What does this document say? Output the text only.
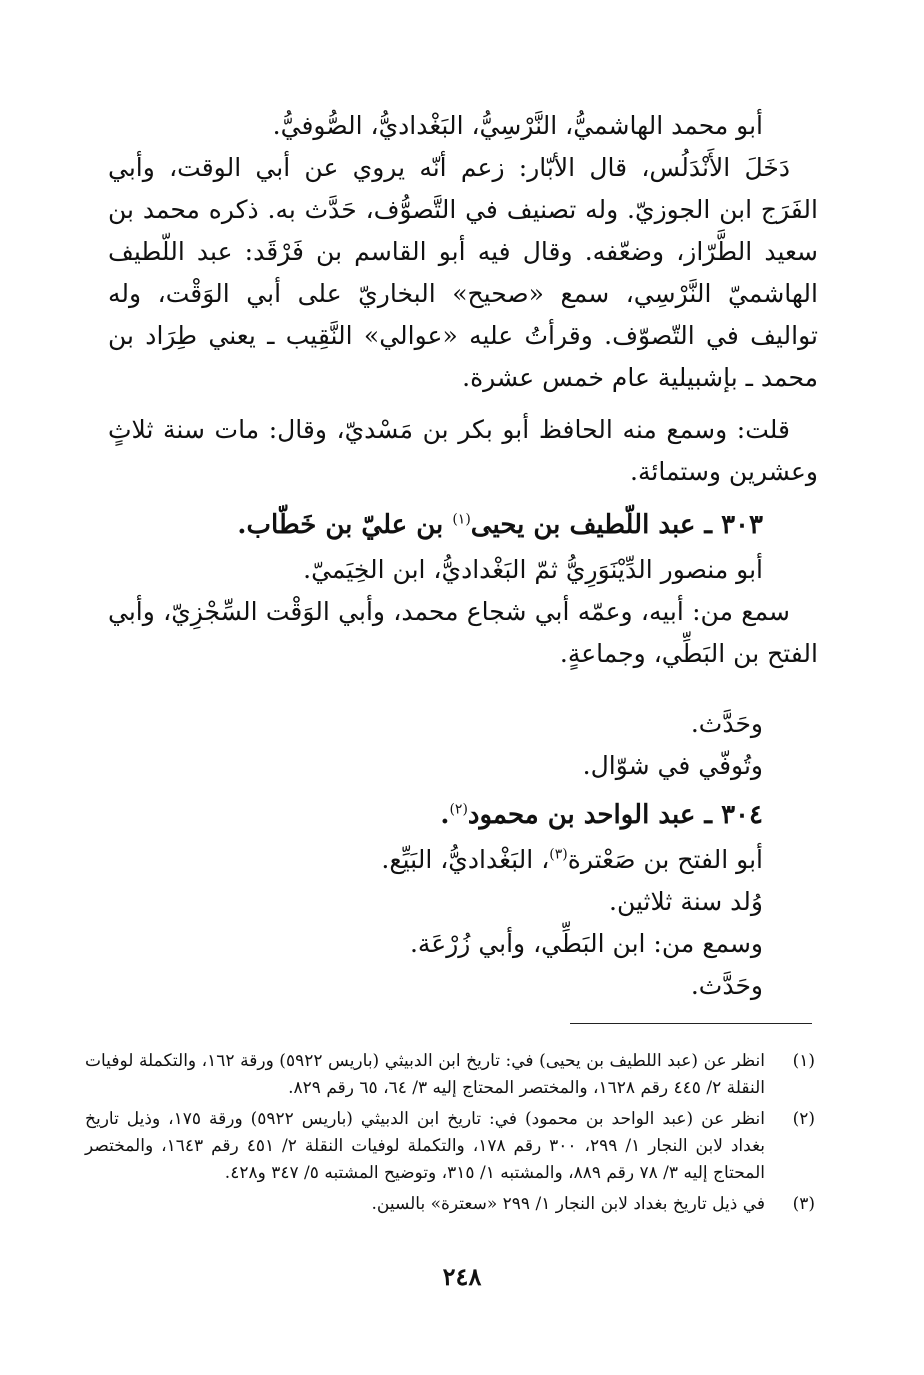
أبو محمد الهاشميُّ، النَّرْسِيُّ، البَغْداديُّ، الصُّوفيُّ.

دَخَلَ الأَنْدَلُس، قال الأبّار: زعم أنّه يروي عن أبي الوقت، وأبي الفَرَج ابن الجوزيّ. وله تصنيف في التَّصوُّف، حَدَّث به. ذكره محمد بن سعيد الطَّرّاز، وضعّفه. وقال فيه أبو القاسم بن فَرْقَد: عبد اللّطيف الهاشميّ النَّرْسِي، سمع «صحيح» البخاريّ على أبي الوَقْت، وله تواليف في التّصوّف. وقرأتُ عليه «عوالي» النَّقِيب ـ يعني طِرَاد بن محمد ـ بإشبيلية عام خمس عشرة.

قلت: وسمع منه الحافظ أبو بكر بن مَسْديّ، وقال: مات سنة ثلاثٍ وعشرين وستمائة.

٣٠٣ ـ عبد اللّطيف بن يحيى$^{(١)}$ بن عليّ بن خَطّاب.

أبو منصور الدِّيْنَوَرِيُّ ثمّ البَغْداديُّ، ابن الخِيَميّ.

سمع من: أبيه، وعمّه أبي شجاع محمد، وأبي الوَقْت السِّجْزِيّ، وأبي الفتح بن البَطِّي، وجماعةٍ.

وحَدَّث.

وتُوفّي في شوّال.

٣٠٤ ـ عبد الواحد بن محمود$^{(٢)}$.

أبو الفتح بن صَعْترة$^{(٣)}$، البَغْداديُّ، البَيِّع.

وُلد سنة ثلاثين.

وسمع من: ابن البَطِّي، وأبي زُرْعَة.

وحَدَّث.

(١)
انظر عن (عبد اللطيف بن يحيى) في: تاريخ ابن الدبيثي (باريس ٥٩٢٢) ورقة ١٦٢، والتكملة لوفيات النقلة ٢/ ٤٤٥ رقم ١٦٢٨، والمختصر المحتاج إليه ٣/ ٦٤، ٦٥ رقم ٨٢٩.
(٢)
انظر عن (عبد الواحد بن محمود) في: تاريخ ابن الدبيثي (باريس ٥٩٢٢) ورقة ١٧٥، وذيل تاريخ بغداد لابن النجار ١/ ٢٩٩، ٣٠٠ رقم ١٧٨، والتكملة لوفيات النقلة ٢/ ٤٥١ رقم ١٦٤٣، والمختصر المحتاج إليه ٣/ ٧٨ رقم ٨٨٩، والمشتبه ١/ ٣١٥، وتوضيح المشتبه ٥/ ٣٤٧ و٤٢٨.
(٣)
في ذيل تاريخ بغداد لابن النجار ١/ ٢٩٩ «سعترة» بالسين.
٢٤٨
